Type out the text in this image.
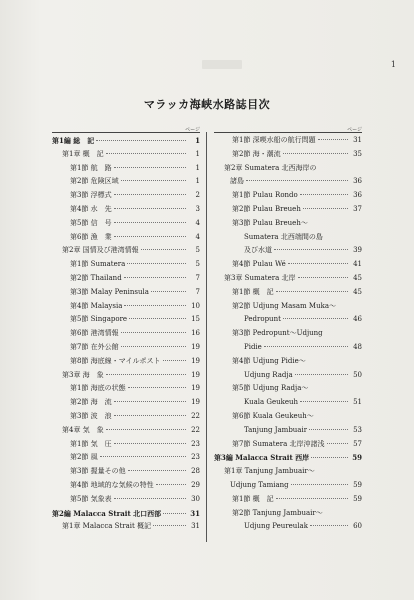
1
マラッカ海峡水路誌目次
ページ
第1編 総　記	1
第1章 概　記	1
第1節 航　路	1
第2節 危険区域	1
第3節 浮標式	2
第4節 水　先	3
第5節 信　号	4
第6節 漁　業	4
第2章 国情及び港湾情報	5
第1節 Sumatera	5
第2節 Thailand	7
第3節 Malay Peninsula	7
第4節 Malaysia	10
第5節 Singapore	15
第6節 港湾情報	16
第7節 在外公館	19
第8節 海底線・マイルポスト	19
第3章 海　象	19
第1節 海底の状態	19
第2節 海　流	19
第3節 波　浪	22
第4章 気　象	22
第1節 気　圧	23
第2節 風	23
第3節 握量その他	28
第4節 地域的な気候の特性	29
第5節 気象表	30
第2編 Malacca Strait 北口西部	31
第1章 Malacca Strait 概記	31
ページ
第1節 深喫水船の航行問題	31
第2節 海・潮流	35
第2章 Sumatera 北西海岸の
諸島	36
第1節 Pulau Rondo	36
第2節 Pulau Breueh	37
第3節 Pulau Breueh〜
Sumatera 北西端間の島
及び水道	39
第4節 Pulau Wé	41
第3章 Sumatera 北岸	45
第1節 概　記	45
第2節 Udjung Masam Muka〜
Pedropunt	46
第3節 Pedropunt〜Udjung
Pidie	48
第4節 Udjung Pidie〜
Udjung Radja	50
第5節 Udjung Radja〜
Kuala Geukeuh	51
第6節 Kuala Geukeuh〜
Tanjung Jambuair	53
第7節 Sumatera 北岸沖諸浅	57
第3編 Malacca Strait 西岸	59
第1章 Tanjung Jambuair〜
Udjung Tamiang	59
第1節 概　記	59
第2節 Tanjung Jambuair〜
Udjung Peureulak	60
